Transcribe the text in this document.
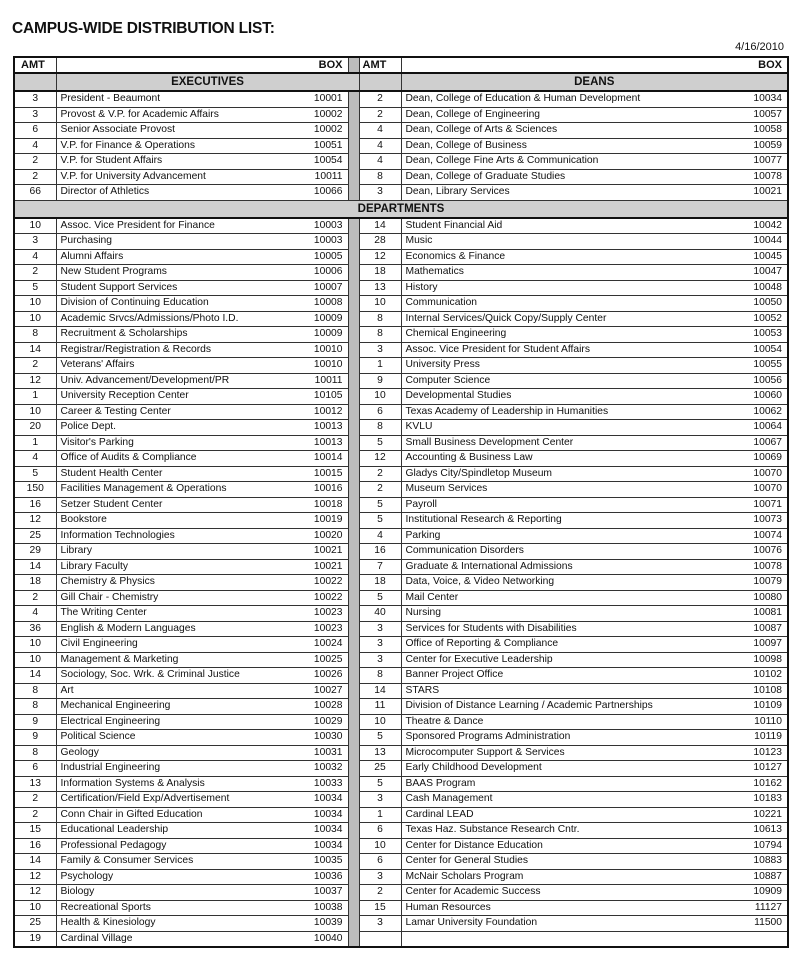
CAMPUS-WIDE DISTRIBUTION LIST:
4/16/2010
AMT		BOX		AMT		BOX
	EXECUTIVES				DEANS	
3	President - Beaumont	10001		2	Dean, College of Education & Human Development	10034
3	Provost & V.P. for Academic Affairs	10002		2	Dean, College of Engineering	10057
6	Senior Associate Provost	10002		4	Dean, College of Arts & Sciences	10058
4	V.P. for Finance & Operations	10051		4	Dean, College of Business	10059
2	V.P. for Student Affairs	10054		4	Dean, College Fine Arts & Communication	10077
2	V.P. for University Advancement	10011		8	Dean, College of Graduate Studies	10078
66	Director of Athletics	10066		3	Dean, Library Services	10021
DEPARTMENTS						
10	Assoc. Vice President for Finance	10003		14	Student Financial Aid	10042
3	Purchasing	10003		28	Music	10044
4	Alumni Affairs	10005		12	Economics & Finance	10045
2	New Student Programs	10006		18	Mathematics	10047
5	Student Support Services	10007		13	History	10048
10	Division of Continuing Education	10008		10	Communication	10050
10	Academic Srvcs/Admissions/Photo I.D.	10009		8	Internal Services/Quick Copy/Supply Center	10052
8	Recruitment & Scholarships	10009		8	Chemical Engineering	10053
14	Registrar/Registration & Records	10010		3	Assoc. Vice President for Student Affairs	10054
2	Veterans' Affairs	10010		1	University Press	10055
12	Univ. Advancement/Development/PR	10011		9	Computer Science	10056
1	University Reception Center	10105		10	Developmental Studies	10060
10	Career & Testing Center	10012		6	Texas Academy of Leadership in Humanities	10062
20	Police Dept.	10013		8	KVLU	10064
1	Visitor's Parking	10013		5	Small Business Development Center	10067
4	Office of Audits & Compliance	10014		12	Accounting & Business Law	10069
5	Student Health Center	10015		2	Gladys City/Spindletop Museum	10070
150	Facilities Management & Operations	10016		2	Museum Services	10070
16	Setzer Student Center	10018		5	Payroll	10071
12	Bookstore	10019		5	Institutional Research & Reporting	10073
25	Information Technologies	10020		4	Parking	10074
29	Library	10021		16	Communication Disorders	10076
14	Library Faculty	10021		7	Graduate & International Admissions	10078
18	Chemistry & Physics	10022		18	Data, Voice, & Video Networking	10079
2	Gill Chair - Chemistry	10022		5	Mail Center	10080
4	The Writing Center	10023		40	Nursing	10081
36	English & Modern Languages	10023		3	Services for Students with Disabilities	10087
10	Civil Engineering	10024		3	Office of Reporting & Compliance	10097
10	Management & Marketing	10025		3	Center for Executive Leadership	10098
14	Sociology, Soc. Wrk. & Criminal Justice	10026		8	Banner Project Office	10102
8	Art	10027		14	STARS	10108
8	Mechanical Engineering	10028		11	Division of Distance Learning / Academic Partnerships	10109
9	Electrical Engineering	10029		10	Theatre & Dance	10110
9	Political Science	10030		5	Sponsored Programs Administration	10119
8	Geology	10031		13	Microcomputer Support & Services	10123
6	Industrial Engineering	10032		25	Early Childhood Development	10127
13	Information Systems & Analysis	10033		5	BAAS Program	10162
2	Certification/Field Exp/Advertisement	10034		3	Cash Management	10183
2	Conn Chair in Gifted Education	10034		1	Cardinal LEAD	10221
15	Educational Leadership	10034		6	Texas Haz. Substance Research Cntr.	10613
16	Professional Pedagogy	10034		10	Center for Distance Education	10794
14	Family & Consumer Services	10035		6	Center for General Studies	10883
12	Psychology	10036		3	McNair Scholars Program	10887
12	Biology	10037		2	Center for Academic Success	10909
10	Recreational Sports	10038		15	Human Resources	11127
25	Health & Kinesiology	10039		3	Lamar University Foundation	11500
19	Cardinal Village	10040				
